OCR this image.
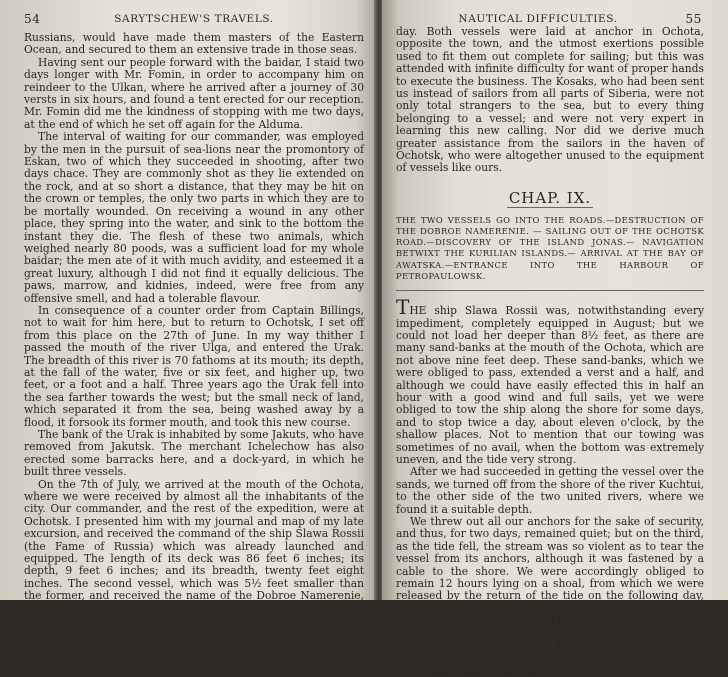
54	SARYTSCHEW'S TRAVELS.

Russians, would have made them masters of the Eastern Ocean, and secured to them an extensive trade in those seas.

Having sent our people forward with the baidar, I staid two days longer with Mr. Fomin, in order to accompany him on reindeer to the Ulkan, where he arrived after a journey of 30 versts in six hours, and found a tent erected for our reception. Mr. Fomin did me the kindness of stopping with me two days, at the end of which he set off again for the Alduma.

The interval of waiting for our commander, was employed by the men in the pursuit of sea-lions near the promontory of Eskan, two of which they succeeded in shooting, after two days chace. They are commonly shot as they lie extended on the rock, and at so short a distance, that they may be hit on the crown or temples, the only two parts in which they are to be mortally wounded. On receiving a wound in any other place, they spring into the water, and sink to the bottom the instant they die. The flesh of these two animals, which weighed nearly 80 poods, was a sufficient load for my whole baidar; the men ate of it with much avidity, and esteemed it a great luxury, although I did not find it equally delicious. The paws, marrow, and kidnies, indeed, were free from any offensive smell, and had a tolerable flavour.

In consequence of a counter order from Captain Billings, not to wait for him here, but to return to Ochotsk, I set off from this place on the 27th of June. In my way thither I passed the mouth of the river Ulga, and entered the Urak. The breadth of this river is 70 fathoms at its mouth; its depth, at the fall of the water, five or six feet, and higher up, two feet, or a foot and a half. Three years ago the Urak fell into the sea farther towards the west; but the small neck of land, which separated it from the sea, being washed away by a flood, it forsook its former mouth, and took this new course.

The bank of the Urak is inhabited by some Jakuts, who have removed from Jakutsk. The merchant Ichelechow has also erected some barracks here, and a dock-yard, in which he built three vessels.

On the 7th of July, we arrived at the mouth of the Ochota, where we were received by almost all the inhabitants of the city. Our commander, and the rest of the expedition, were at Ochotsk. I presented him with my journal and map of my late excursion, and received the command of the ship Slawa Rossii (the Fame of Russia) which was already launched and equipped. The length of its deck was 86 feet 6 inches; its depth, 9 feet 6 inches; and its breadth, twenty feet eight inches. The second vessel, which was 5½ feet smaller than the former, and received the name of the Dobroe Namerenie, was launched the next

NAUTICAL DIFFICULTIES.	55

day. Both vessels were laid at anchor in Ochota, opposite the town, and the utmost exertions possible used to fit them out complete for sailing; but this was attended with infinite difficulty for want of proper hands to execute the business. The Kosaks, who had been sent us instead of sailors from all parts of Siberia, were not only total strangers to the sea, but to every thing belonging to a vessel; and were not very expert in learning this new calling. Nor did we derive much greater assistance from the sailors in the haven of Ochotsk, who were altogether unused to the equipment of vessels like ours.

CHAP. IX.
THE TWO VESSELS GO INTO THE ROADS.—DESTRUCTION OF THE DOBROE NAMERENIE. — SAILING OUT OF THE OCHOTSK ROAD.—DISCOVERY OF THE ISLAND JONAS.— NAVIGATION BETWIXT THE KURILIAN ISLANDS.— ARRIVAL AT THE BAY OF AWATSKA.—ENTRANCE INTO THE HARBOUR OF PETROPAULOWSK.

THE ship Slawa Rossii was, notwithstanding every impediment, completely equipped in August; but we could not load her deeper than 8½ feet, as there are many sand-banks at the mouth of the Ochota, which are not above nine feet deep. These sand-banks, which we were obliged to pass, extended a verst and a half, and although we could have easily effected this in half an hour with a good wind and full sails, yet we were obliged to tow the ship along the shore for some days, and to stop twice a day, about eleven o'clock, by the shallow places. Not to mention that our towing was sometimes of no avail, when the bottom was extremely uneven, and the tide very strong.

After we had succeeded in getting the vessel over the sands, we turned off from the shore of the river Kuchtui, to the other side of the two united rivers, where we found it a suitable depth.

We threw out all our anchors for the sake of security, and thus, for two days, remained quiet; but on the third, as the tide fell, the stream was so violent as to tear the vessel from its anchors, although it was fastened by a cable to the shore. We were accordingly obliged to remain 12 hours lying on a shoal, from which we were released by the return of the tide on the following day, and cast anchor against the side of the river.

On the 27th of August, this vessel went out, with a favourable wind, into the roads, and anchored four versts from the shore, in six fathoms. The captain went on land, consigning the management of the landing, and every thing else, to my care.
